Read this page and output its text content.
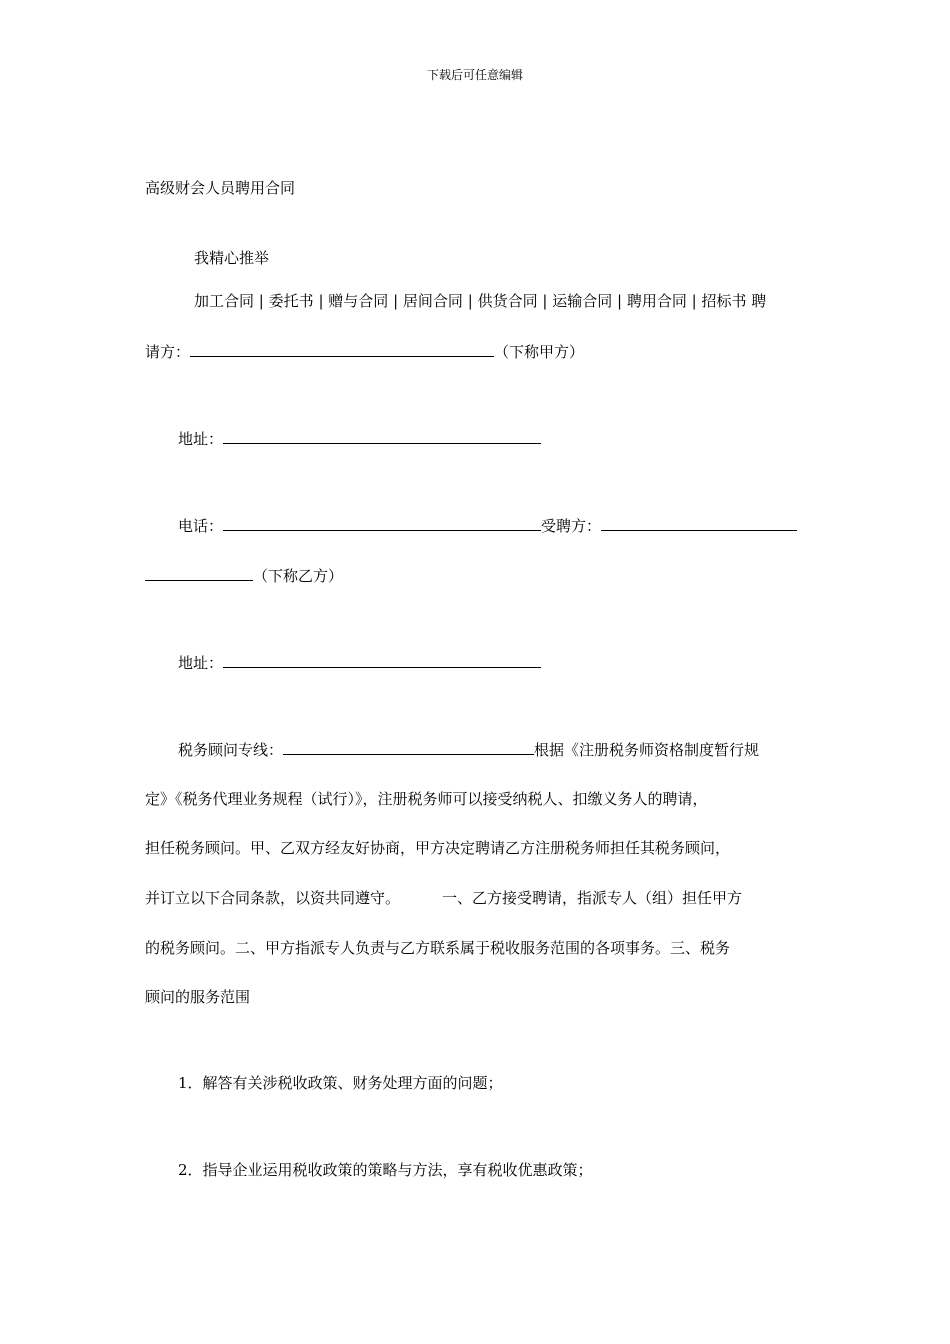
下载后可任意编辑
高级财会人员聘用合同
我精心推举
加工合同 | 委托书 | 赠与合同 | 居间合同 | 供货合同 | 运输合同 | 聘用合同 | 招标书 聘
请方：	（下称甲方）
地址：
电话：	受聘方：
（下称乙方）
地址：
税务顾问专线：	根据《注册税务师资格制度暂行规
定》《税务代理业务规程（试行）》，注册税务师可以接受纳税人、扣缴义务人的聘请，
担任税务顾问。甲、乙双方经友好协商，甲方决定聘请乙方注册税务师担任其税务顾问，
并订立以下合同条款，以资共同遵守。	一、乙方接受聘请，指派专人（组）担任甲方
的税务顾问。二、甲方指派专人负责与乙方联系属于税收服务范围的各项事务。三、税务
顾问的服务范围
1．解答有关涉税收政策、财务处理方面的问题；
2．指导企业运用税收政策的策略与方法，享有税收优惠政策；
